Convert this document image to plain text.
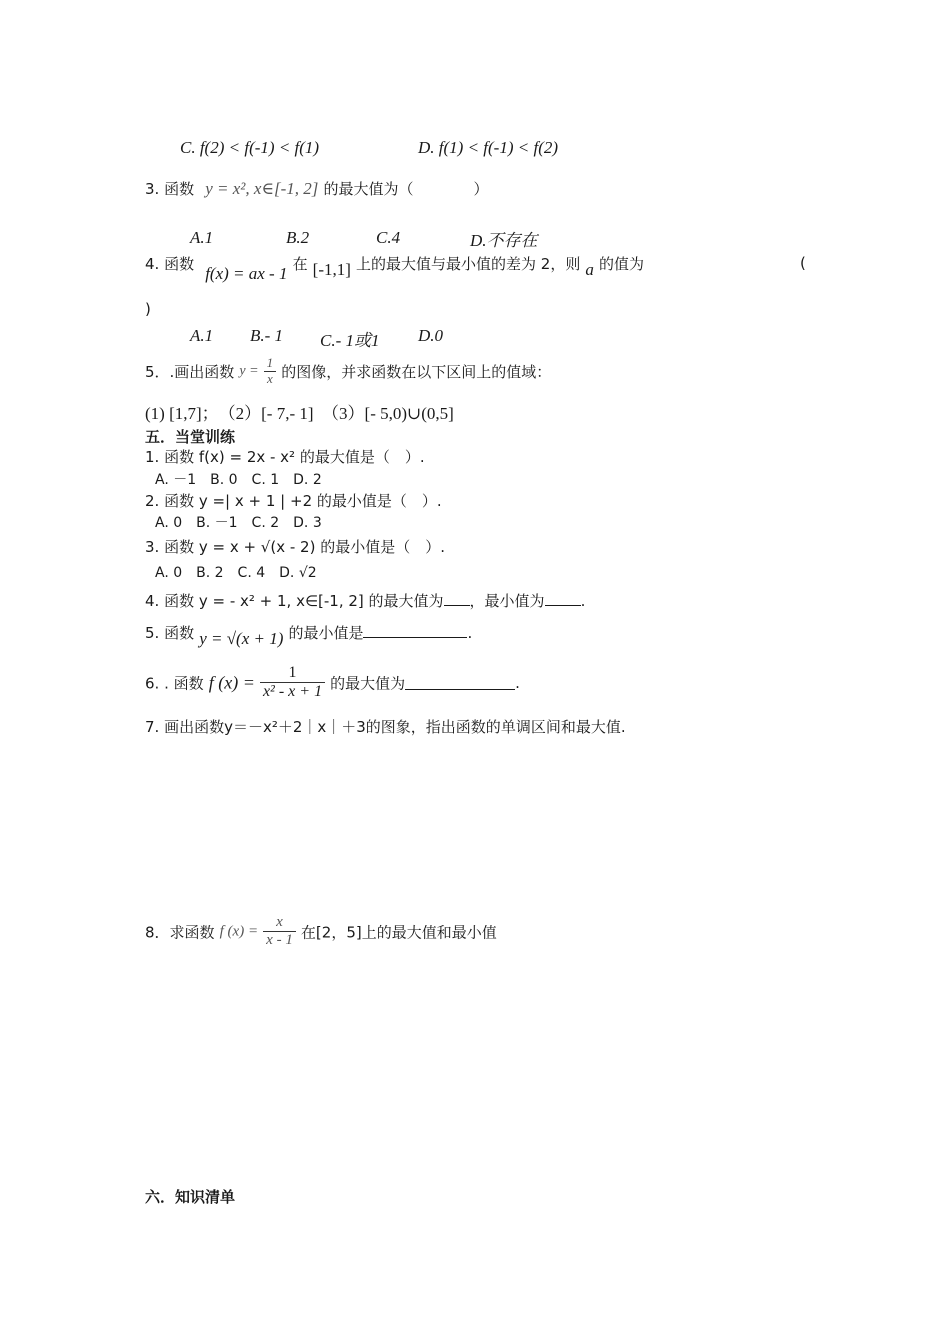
C. f(2) < f(-1) < f(1)	D. f(1) < f(-1) < f(2)
3. 函数 y = x², x∈[-1, 2] 的最大值为（　　　　）
A.1	B.2	C.4	D.不存在
4. 函数 f(x) = ax - 1 在 [-1,1] 上的最大值与最小值的差为 2，则 a 的值为	(
)
A.1 B.- 1 C.- 1或1 D.0
5．.画出函数 $y = \frac{1}{x}$ 的图像，并求函数在以下区间上的值域：
(1) [1,7]；　（2）[- 7,- 1]　（3）[- 5,0)∪(0,5]
五．当堂训练
1. 函数 f(x) = 2x - x² 的最大值是（　）.
A. －1　B. 0　C. 1　D. 2
2. 函数 y =| x + 1 | +2 的最小值是（　）.
A. 0　B. －1　C. 2　D. 3
3. 函数 y = x + √(x - 2) 的最小值是（　）.
A. 0　B. 2　C. 4　D. √2
4. 函数 y = - x² + 1, x∈[-1, 2] 的最大值为 ，最小值为 .
5. 函数 y = √(x + 1) 的最小值是	.
6. . 函数 f $(x) = \frac{1}{\text{x² - x + 1}}$ 的最大值为	.
7. 画出函数y＝－x²＋2｜x｜＋3的图象，指出函数的单调区间和最大值.
8．求函数 f $(x) = \frac{x}{x - 1}$ 在[2，5]上的最大值和最小值
六．知识清单
